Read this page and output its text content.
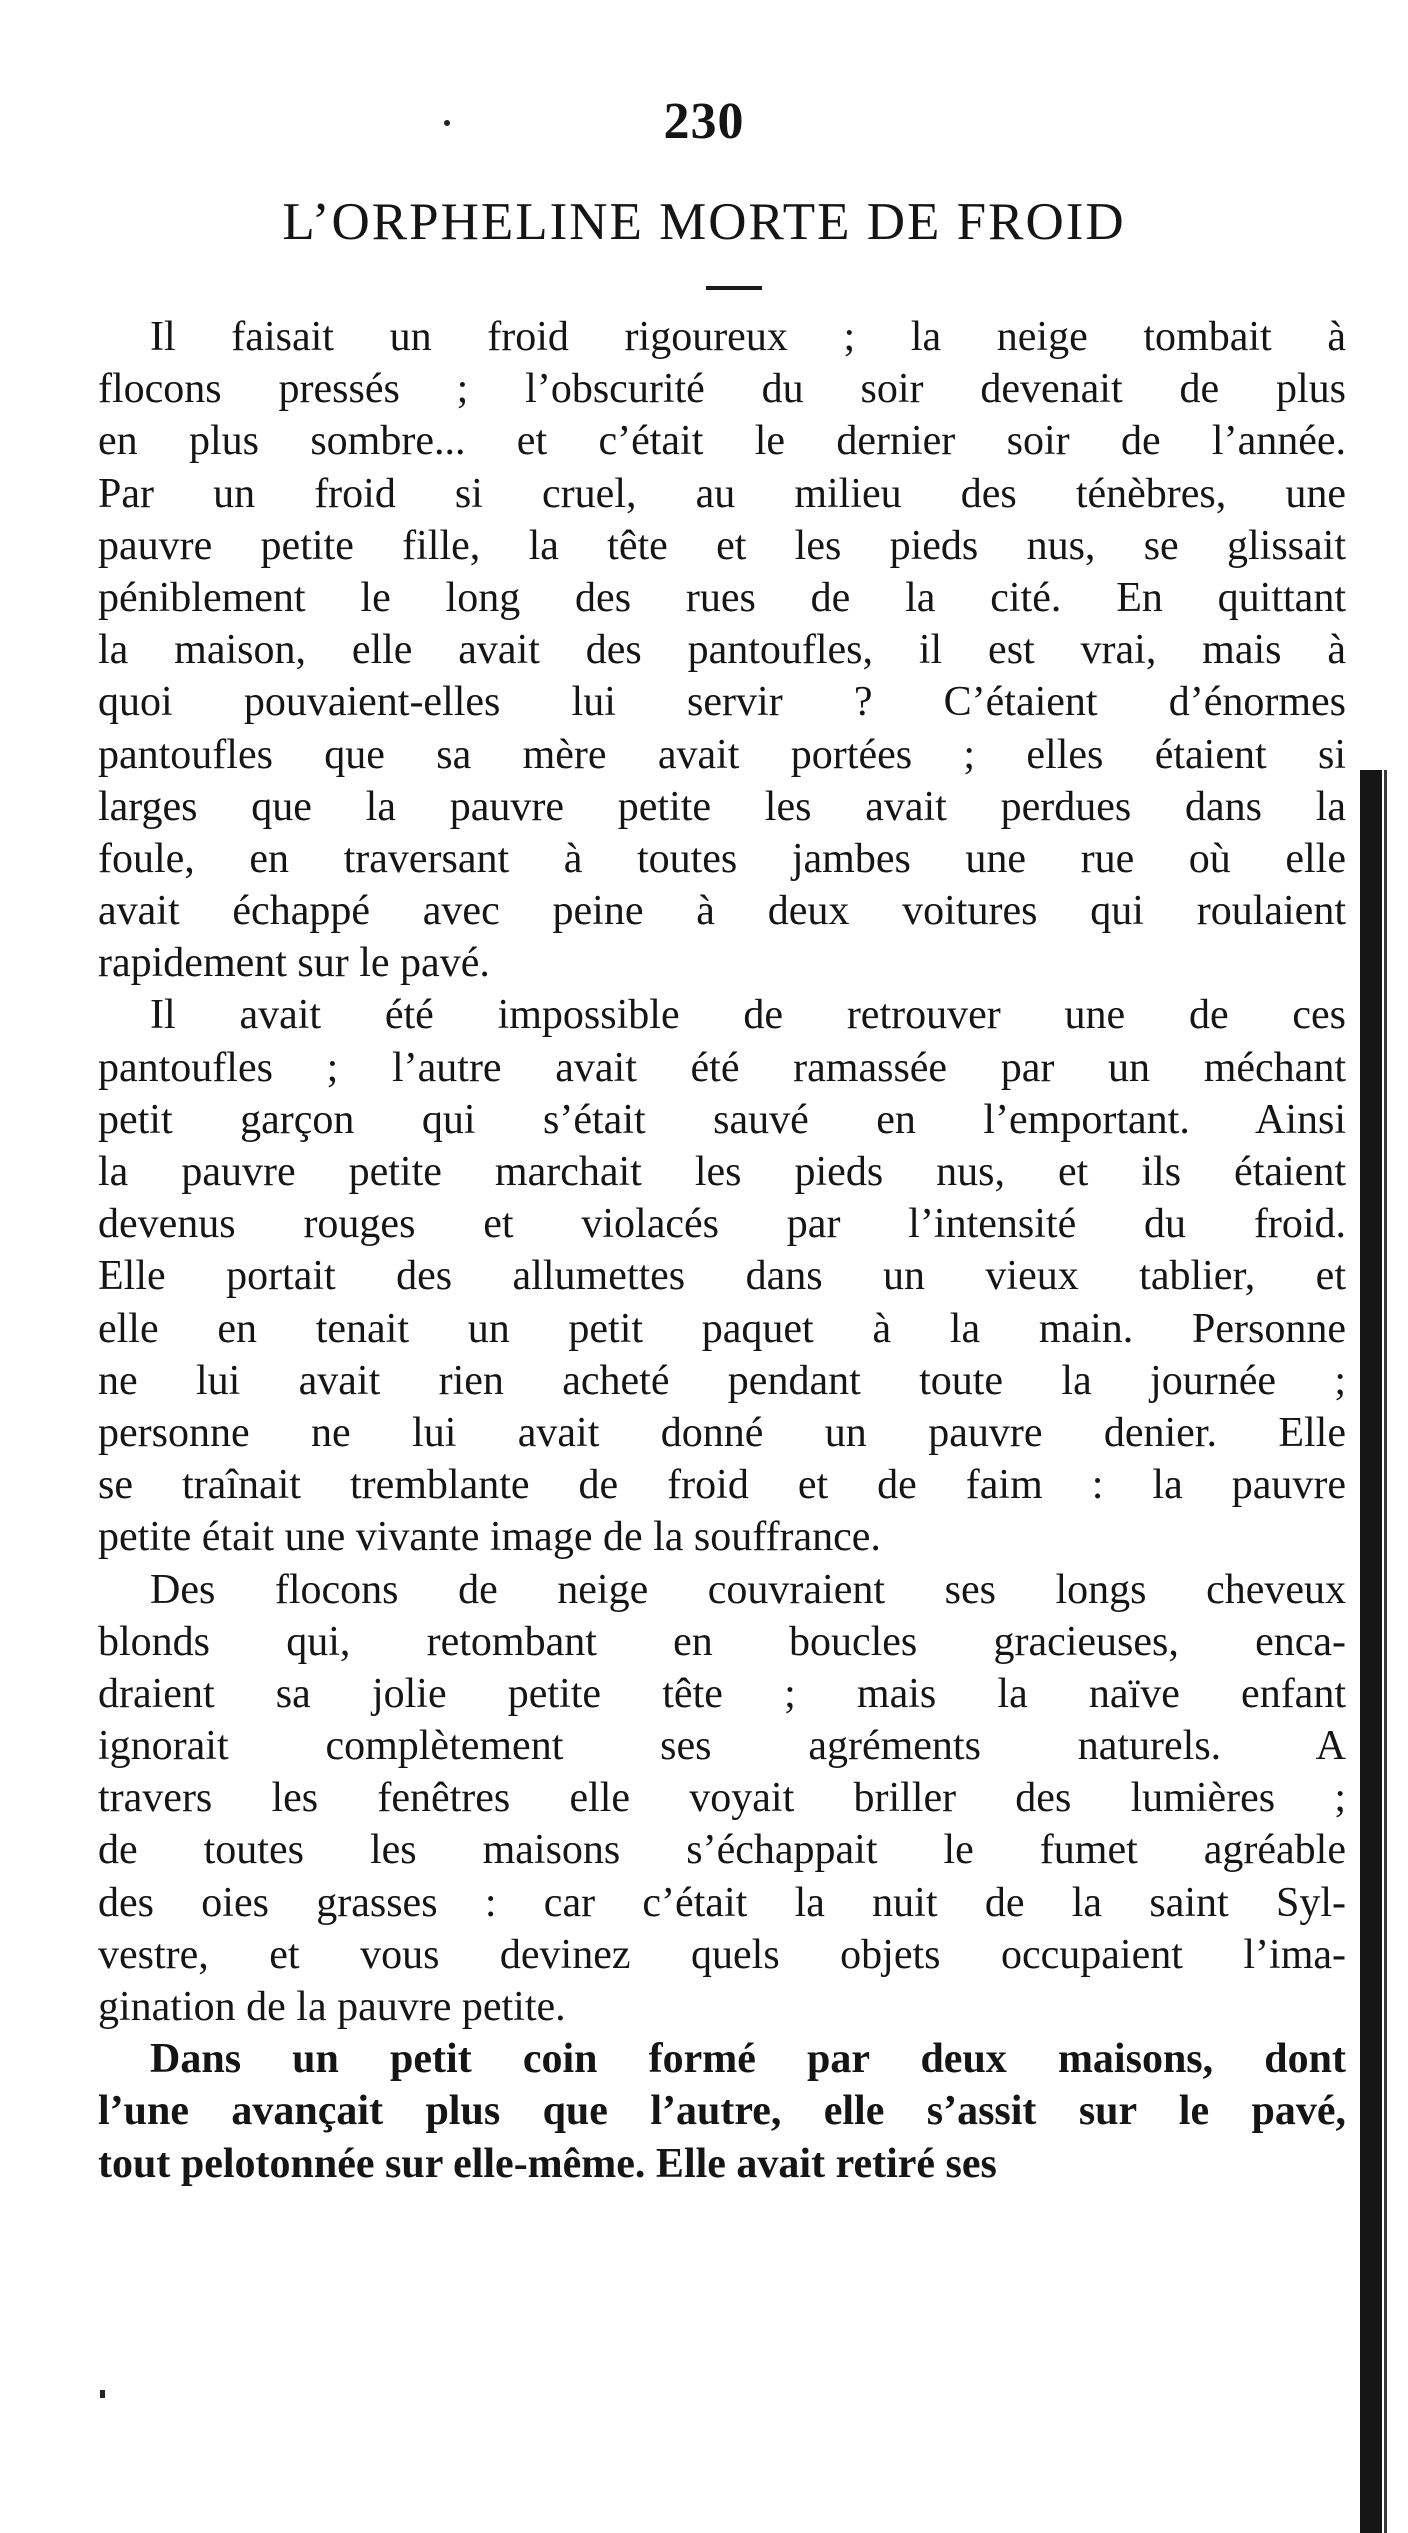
230
L’ORPHELINE MORTE DE FROID
Il faisait un froid rigoureux ; la neige tombait à
flocons pressés ; l’obscurité du soir devenait de plus
en plus sombre... et c’était le dernier soir de l’année.
Par un froid si cruel, au milieu des ténèbres, une
pauvre petite fille, la tête et les pieds nus, se glissait
péniblement le long des rues de la cité. En quittant
la maison, elle avait des pantoufles, il est vrai, mais à
quoi pouvaient-elles lui servir ? C’étaient d’énormes
pantoufles que sa mère avait portées ; elles étaient si
larges que la pauvre petite les avait perdues dans la
foule, en traversant à toutes jambes une rue où elle
avait échappé avec peine à deux voitures qui roulaient
rapidement sur le pavé.
Il avait été impossible de retrouver une de ces
pantoufles ; l’autre avait été ramassée par un méchant
petit garçon qui s’était sauvé en l’emportant. Ainsi
la pauvre petite marchait les pieds nus, et ils étaient
devenus rouges et violacés par l’intensité du froid.
Elle portait des allumettes dans un vieux tablier, et
elle en tenait un petit paquet à la main. Personne
ne lui avait rien acheté pendant toute la journée ;
personne ne lui avait donné un pauvre denier. Elle
se traînait tremblante de froid et de faim : la pauvre
petite était une vivante image de la souffrance.
Des flocons de neige couvraient ses longs cheveux
blonds qui, retombant en boucles gracieuses, enca-
draient sa jolie petite tête ; mais la naïve enfant
ignorait complètement ses agréments naturels. A
travers les fenêtres elle voyait briller des lumières ;
de toutes les maisons s’échappait le fumet agréable
des oies grasses : car c’était la nuit de la saint Syl-
vestre, et vous devinez quels objets occupaient l’ima-
gination de la pauvre petite.
Dans un petit coin formé par deux maisons, dont
l’une avançait plus que l’autre, elle s’assit sur le pavé,
tout pelotonnée sur elle-même. Elle avait retiré ses
